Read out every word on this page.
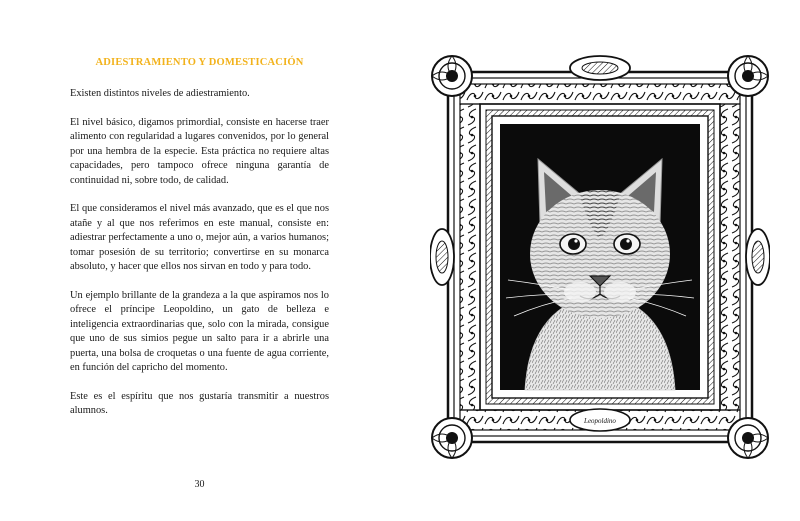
ADIESTRAMIENTO Y DOMESTICACIÓN

Existen distintos niveles de adiestramiento.

El nivel básico, digamos primordial, consiste en hacerse traer alimento con regularidad a lugares convenidos, por lo general por una hembra de la especie. Esta práctica no requiere altas capacidades, pero tampoco ofrece ninguna garantía de continuidad ni, sobre todo, de calidad.

El que consideramos el nivel más avanzado, que es el que nos atañe y al que nos referimos en este manual, consiste en: adiestrar perfectamente a uno o, mejor aún, a varios humanos; tomar posesión de su territorio; convertirse en su monarca absoluto, y hacer que ellos nos sirvan en todo y para todo.

Un ejemplo brillante de la grandeza a la que aspiramos nos lo ofrece el príncipe Leopoldino, un gato de belleza e inteligencia extraordinarias que, solo con la mirada, consigue que uno de sus simios pegue un salto para ir a abrirle una puerta, una bolsa de croquetas o una fuente de agua corriente, en función del capricho del momento.

Este es el espíritu que nos gustaría transmitir a nuestros alumnos.

30
Leopoldino
